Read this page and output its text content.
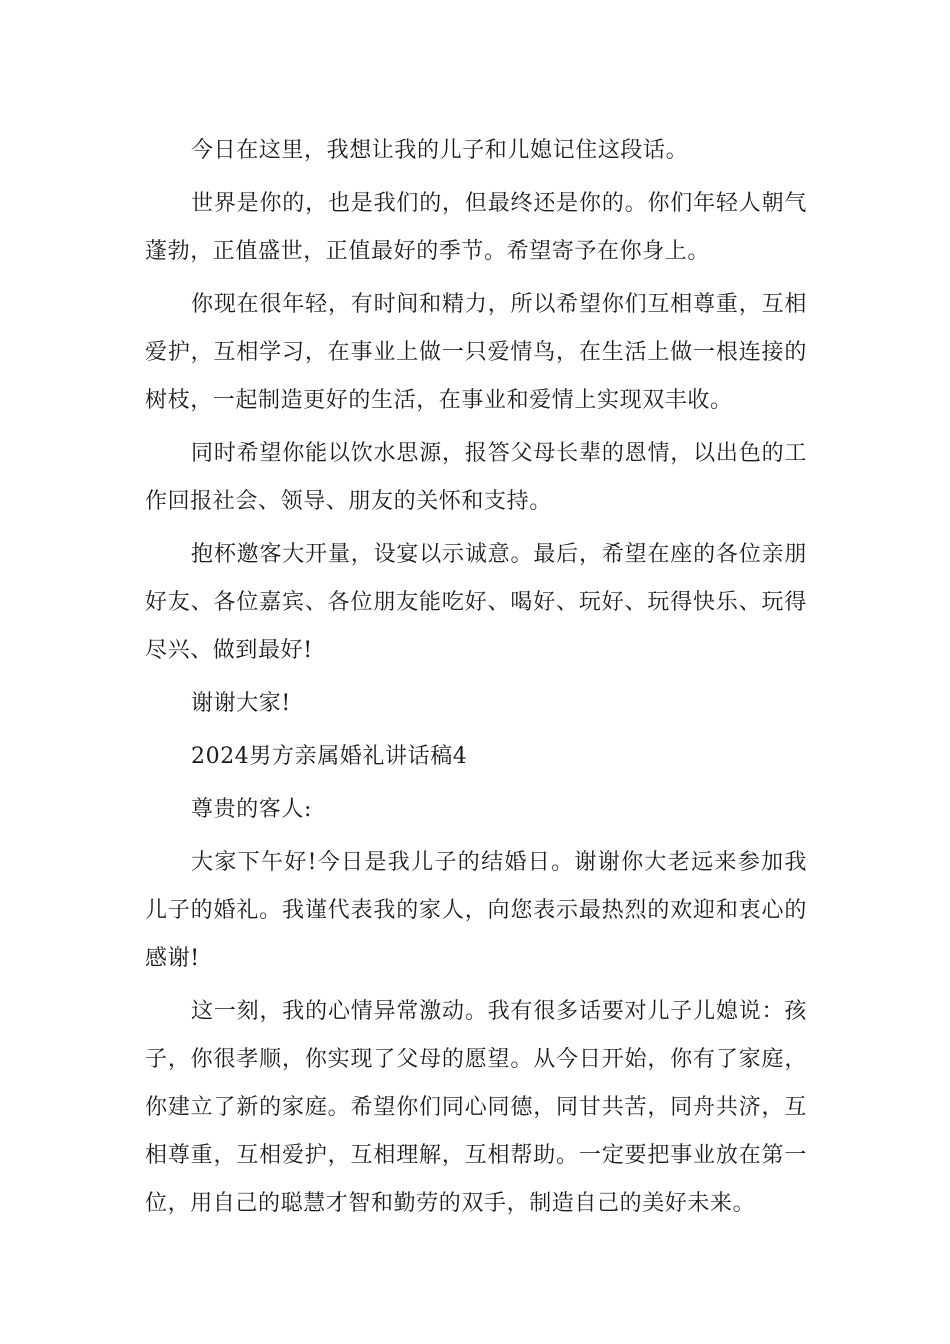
今日在这里，我想让我的儿子和儿媳记住这段话。

世界是你的，也是我们的，但最终还是你的。你们年轻人朝气蓬勃，正值盛世，正值最好的季节。希望寄予在你身上。

你现在很年轻，有时间和精力，所以希望你们互相尊重，互相爱护，互相学习，在事业上做一只爱情鸟，在生活上做一根连接的树枝，一起制造更好的生活，在事业和爱情上实现双丰收。

同时希望你能以饮水思源，报答父母长辈的恩情，以出色的工作回报社会、领导、朋友的关怀和支持。

抱杯邀客大开量，设宴以示诚意。最后，希望在座的各位亲朋好友、各位嘉宾、各位朋友能吃好、喝好、玩好、玩得快乐、玩得尽兴、做到最好!

谢谢大家!

2024男方亲属婚礼讲话稿4

尊贵的客人:

大家下午好!今日是我儿子的结婚日。谢谢你大老远来参加我儿子的婚礼。我谨代表我的家人，向您表示最热烈的欢迎和衷心的感谢!

这一刻，我的心情异常激动。我有很多话要对儿子儿媳说：孩子，你很孝顺，你实现了父母的愿望。从今日开始，你有了家庭，你建立了新的家庭。希望你们同心同德，同甘共苦，同舟共济，互相尊重，互相爱护，互相理解，互相帮助。一定要把事业放在第一位，用自己的聪慧才智和勤劳的双手，制造自己的美好未来。
